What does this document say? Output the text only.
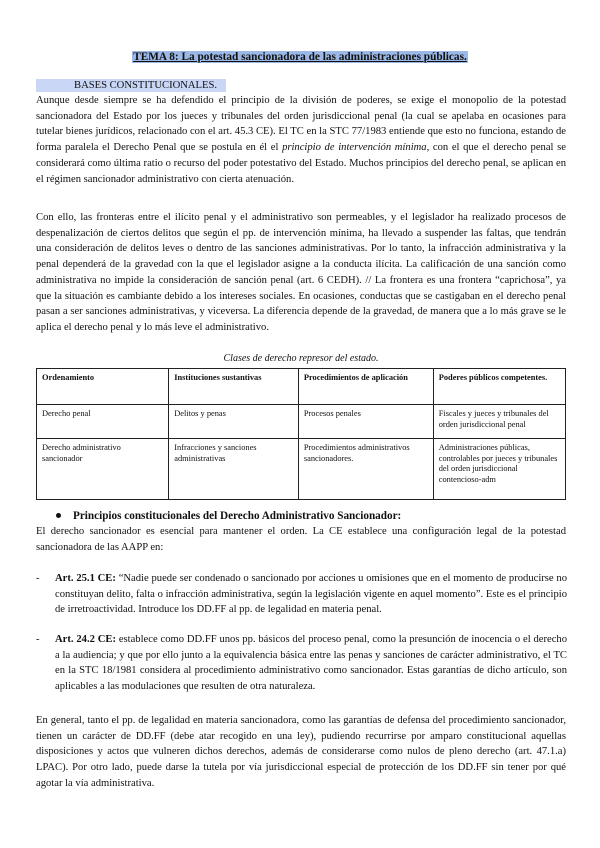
TEMA 8: La potestad sancionadora de las administraciones públicas.
BASES CONSTITUCIONALES.
Aunque desde siempre se ha defendido el principio de la división de poderes, se exige el monopolio de la potestad sancionadora del Estado por los jueces y tribunales del orden jurisdiccional penal (la cual se apelaba en ocasiones para tutelar bienes jurídicos, relacionado con el art. 45.3 CE). El TC en la STC 77/1983 entiende que esto no funciona, estando de forma paralela el Derecho Penal que se postula en él el principio de intervención mínima, con el que el derecho penal se considerará como última ratio o recurso del poder potestativo del Estado. Muchos principios del derecho penal, se aplican en el régimen sancionador administrativo con cierta atenuación.
Con ello, las fronteras entre el ilícito penal y el administrativo son permeables, y el legislador ha realizado procesos de despenalización de ciertos delitos que según el pp. de intervención mínima, ha llevado a suspender las faltas, que tendrán una consideración de delitos leves o dentro de las sanciones administrativas. Por lo tanto, la infracción administrativa y la penal dependerá de la gravedad con la que el legislador asigne a la conducta ilícita. La calificación de una sanción como administrativa no impide la consideración de sanción penal (art. 6 CEDH). // La frontera es una frontera “caprichosa”, ya que la situación es cambiante debido a los intereses sociales. En ocasiones, conductas que se castigaban en el derecho penal pasan a ser sanciones administrativas, y viceversa. La diferencia depende de la gravedad, de manera que a lo más grave se le aplica el derecho penal y lo más leve el administrativo.
Clases de derecho represor del estado.
Ordenamiento	Instituciones sustantivas	Procedimientos de aplicación	Poderes públicos competentes.
Derecho penal	Delitos y penas	Procesos penales	Fiscales y jueces y tribunales del orden jurisdiccional penal
Derecho administrativo sancionador	Infracciones y sanciones administrativas	Procedimientos administrativos sancionadores.	Administraciones públicas, controlables por jueces y tribunales del orden jurisdiccional contencioso-adm
Principios constitucionales del Derecho Administrativo Sancionador:
El derecho sancionador es esencial para mantener el orden. La CE establece una configuración legal de la potestad sancionadora de las AAPP en:
- Art. 25.1 CE: “Nadie puede ser condenado o sancionado por acciones u omisiones que en el momento de producirse no constituyan delito, falta o infracción administrativa, según la legislación vigente en aquel momento”. Este es el principio de irretroactividad. Introduce los DD.FF al pp. de legalidad en materia penal.
- Art. 24.2 CE: establece como DD.FF unos pp. básicos del proceso penal, como la presunción de inocencia o el derecho a la audiencia; y que por ello junto a la equivalencia básica entre las penas y sanciones de carácter administrativo, el TC en la STC 18/1981 considera al procedimiento administrativo como sancionador. Estas garantías de dicho artículo, son aplicables a las modulaciones que resulten de otra naturaleza.
En general, tanto el pp. de legalidad en materia sancionadora, como las garantías de defensa del procedimiento sancionador, tienen un carácter de DD.FF (debe atar recogido en una ley), pudiendo recurrirse por amparo constitucional aquellas disposiciones y actos que vulneren dichos derechos, además de considerarse como nulos de pleno derecho (art. 47.1.a) LPAC). Por otro lado, puede darse la tutela por vía jurisdiccional especial de protección de los DD.FF sin tener por qué agotar la vía administrativa.
